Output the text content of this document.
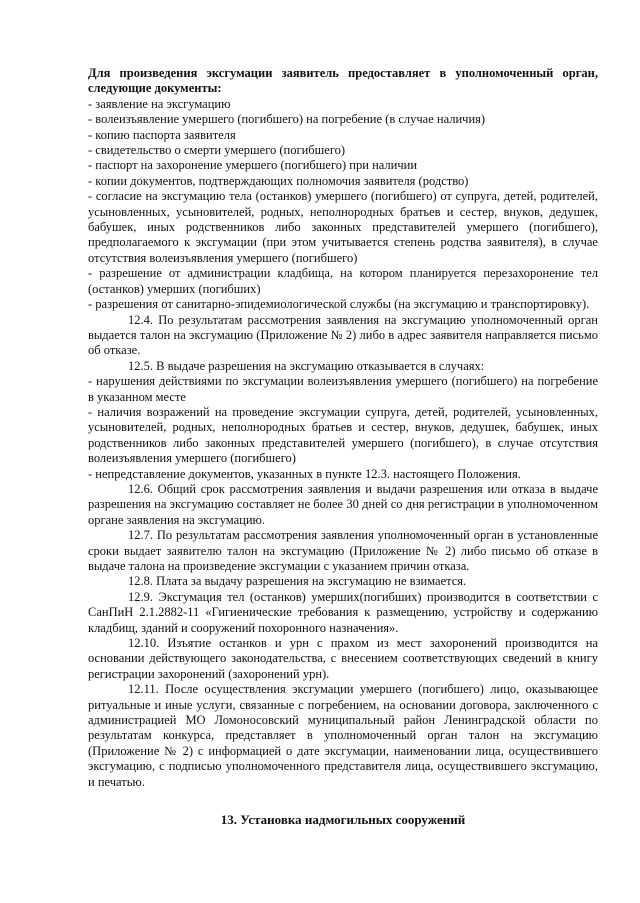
Для произведения эксгумации заявитель предоставляет в уполномоченный орган, следующие документы:

- заявление на эксгумацию

- волеизъявление умершего (погибшего) на погребение (в случае наличия)

- копию паспорта заявителя

- свидетельство о смерти умершего (погибшего)

- паспорт на захоронение умершего (погибшего) при наличии

- копии документов, подтверждающих полномочия заявителя (родство)

- согласие на эксгумацию тела (останков) умершего (погибшего) от супруга, детей, родителей, усыновленных, усыновителей, родных, неполнородных братьев и сестер, внуков, дедушек, бабушек, иных родственников либо законных представителей умершего (погибшего), предполагаемого к эксгумации (при этом учитывается степень родства заявителя), в случае отсутствия волеизъявления умершего (погибшего)

- разрешение от администрации кладбища, на котором планируется перезахоронение тел (останков) умерших (погибших)

- разрешения от санитарно-эпидемиологической службы (на эксгумацию и транспортировку).

12.4. По результатам рассмотрения заявления на эксгумацию уполномоченный орган выдается талон на эксгумацию (Приложение № 2) либо в адрес заявителя направляется письмо об отказе.

12.5. В выдаче разрешения на эксгумацию отказывается в случаях:

- нарушения действиями по эксгумации волеизъявления умершего (погибшего) на погребение в указанном месте

- наличия возражений на проведение эксгумации супруга, детей, родителей, усыновленных, усыновителей, родных, неполнородных братьев и сестер, внуков, дедушек, бабушек, иных родственников либо законных представителей умершего (погибшего), в случае отсутствия волеизъявления умершего (погибшего)

- непредставление документов, указанных в пункте 12.3. настоящего Положения.

12.6. Общий срок рассмотрения заявления и выдачи разрешения или отказа в выдаче разрешения на эксгумацию составляет не более 30 дней со дня регистрации в уполномоченном органе заявления на эксгумацию.

12.7. По результатам рассмотрения заявления уполномоченный орган в установленные сроки выдает заявителю талон на эксгумацию (Приложение № 2) либо письмо об отказе в выдаче талона на произведение эксгумации с указанием причин отказа.

12.8. Плата за выдачу разрешения на эксгумацию не взимается.

12.9. Эксгумация тел (останков) умерших(погибших) производится в соответствии с СанПиН 2.1.2882-11 «Гигиенические требования к размещению, устройству и содержанию кладбищ, зданий и сооружений похоронного назначения».

12.10. Изъятие останков и урн с прахом из мест захоронений производится на основании действующего законодательства, с внесением соответствующих сведений в книгу регистрации захоронений (захоронений урн).

12.11. После осуществления эксгумации умершего (погибшего) лицо, оказывающее ритуальные и иные услуги, связанные с погребением, на основании договора, заключенного с администрацией МО Ломоносовский муниципальный район Ленинградской области по результатам конкурса, представляет в уполномоченный орган талон на эксгумацию (Приложение № 2) с информацией о дате эксгумации, наименовании лица, осуществившего эксгумацию, с подписью уполномоченного представителя лица, осуществившего эксгумацию, и печатью.

13. Установка надмогильных сооружений
